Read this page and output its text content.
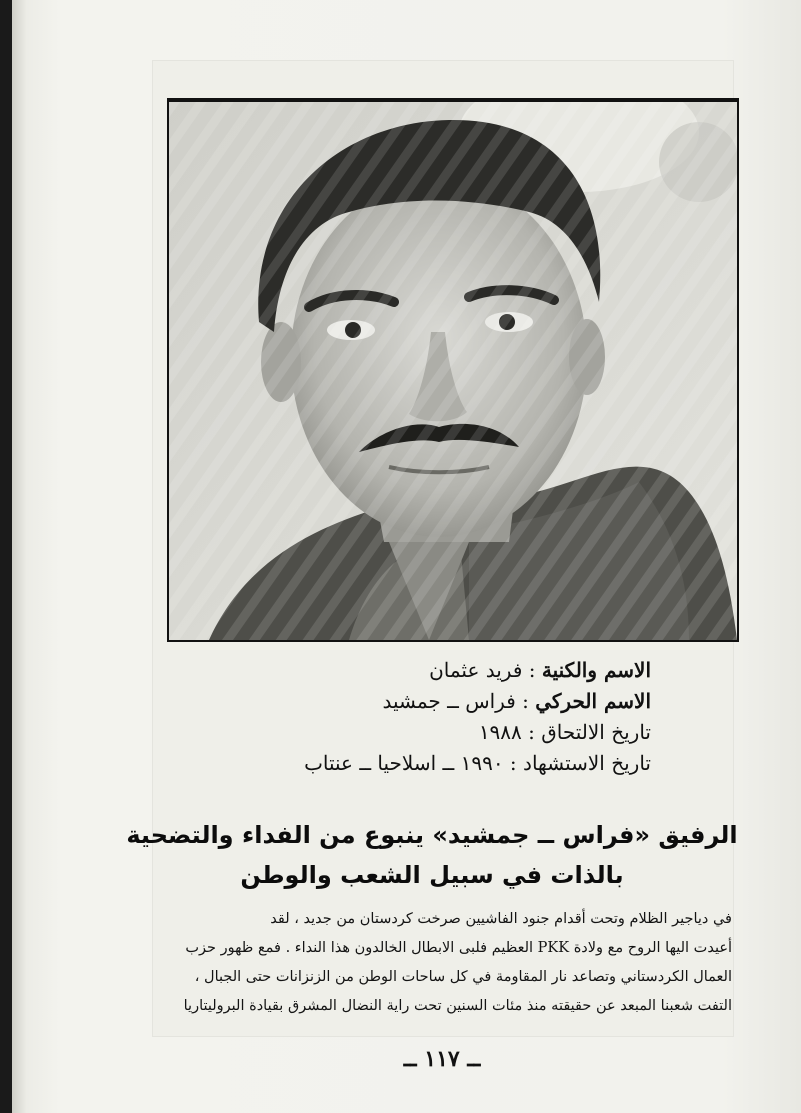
الاسم والكنية : فريد عثمان
الاسم الحركي : فراس ــ جمشيد
تاريخ الالتحاق : ١٩٨٨
تاريخ الاستشهاد : ١٩٩٠ ــ اسلاحيا ــ عنتاب
الرفيق «فراس ــ جمشيد» ينبوع من الفداء والتضحية
بالذات في سبيل الشعب والوطن
في دياجير الظلام وتحت أقدام جنود الفاشيين صرخت كردستان من جديد ، لقد
أعيدت اليها الروح مع ولادة PKK العظيم فلبى الابطال الخالدون هذا النداء . فمع ظهور حزب
العمال الكردستاني وتصاعد نار المقاومة في كل ساحات الوطن من الزنزانات حتى الجبال ،
التفت شعبنا المبعد عن حقيقته منذ مئات السنين تحت راية النضال المشرق بقيادة البروليتاريا
ــ ١١٧ ــ
